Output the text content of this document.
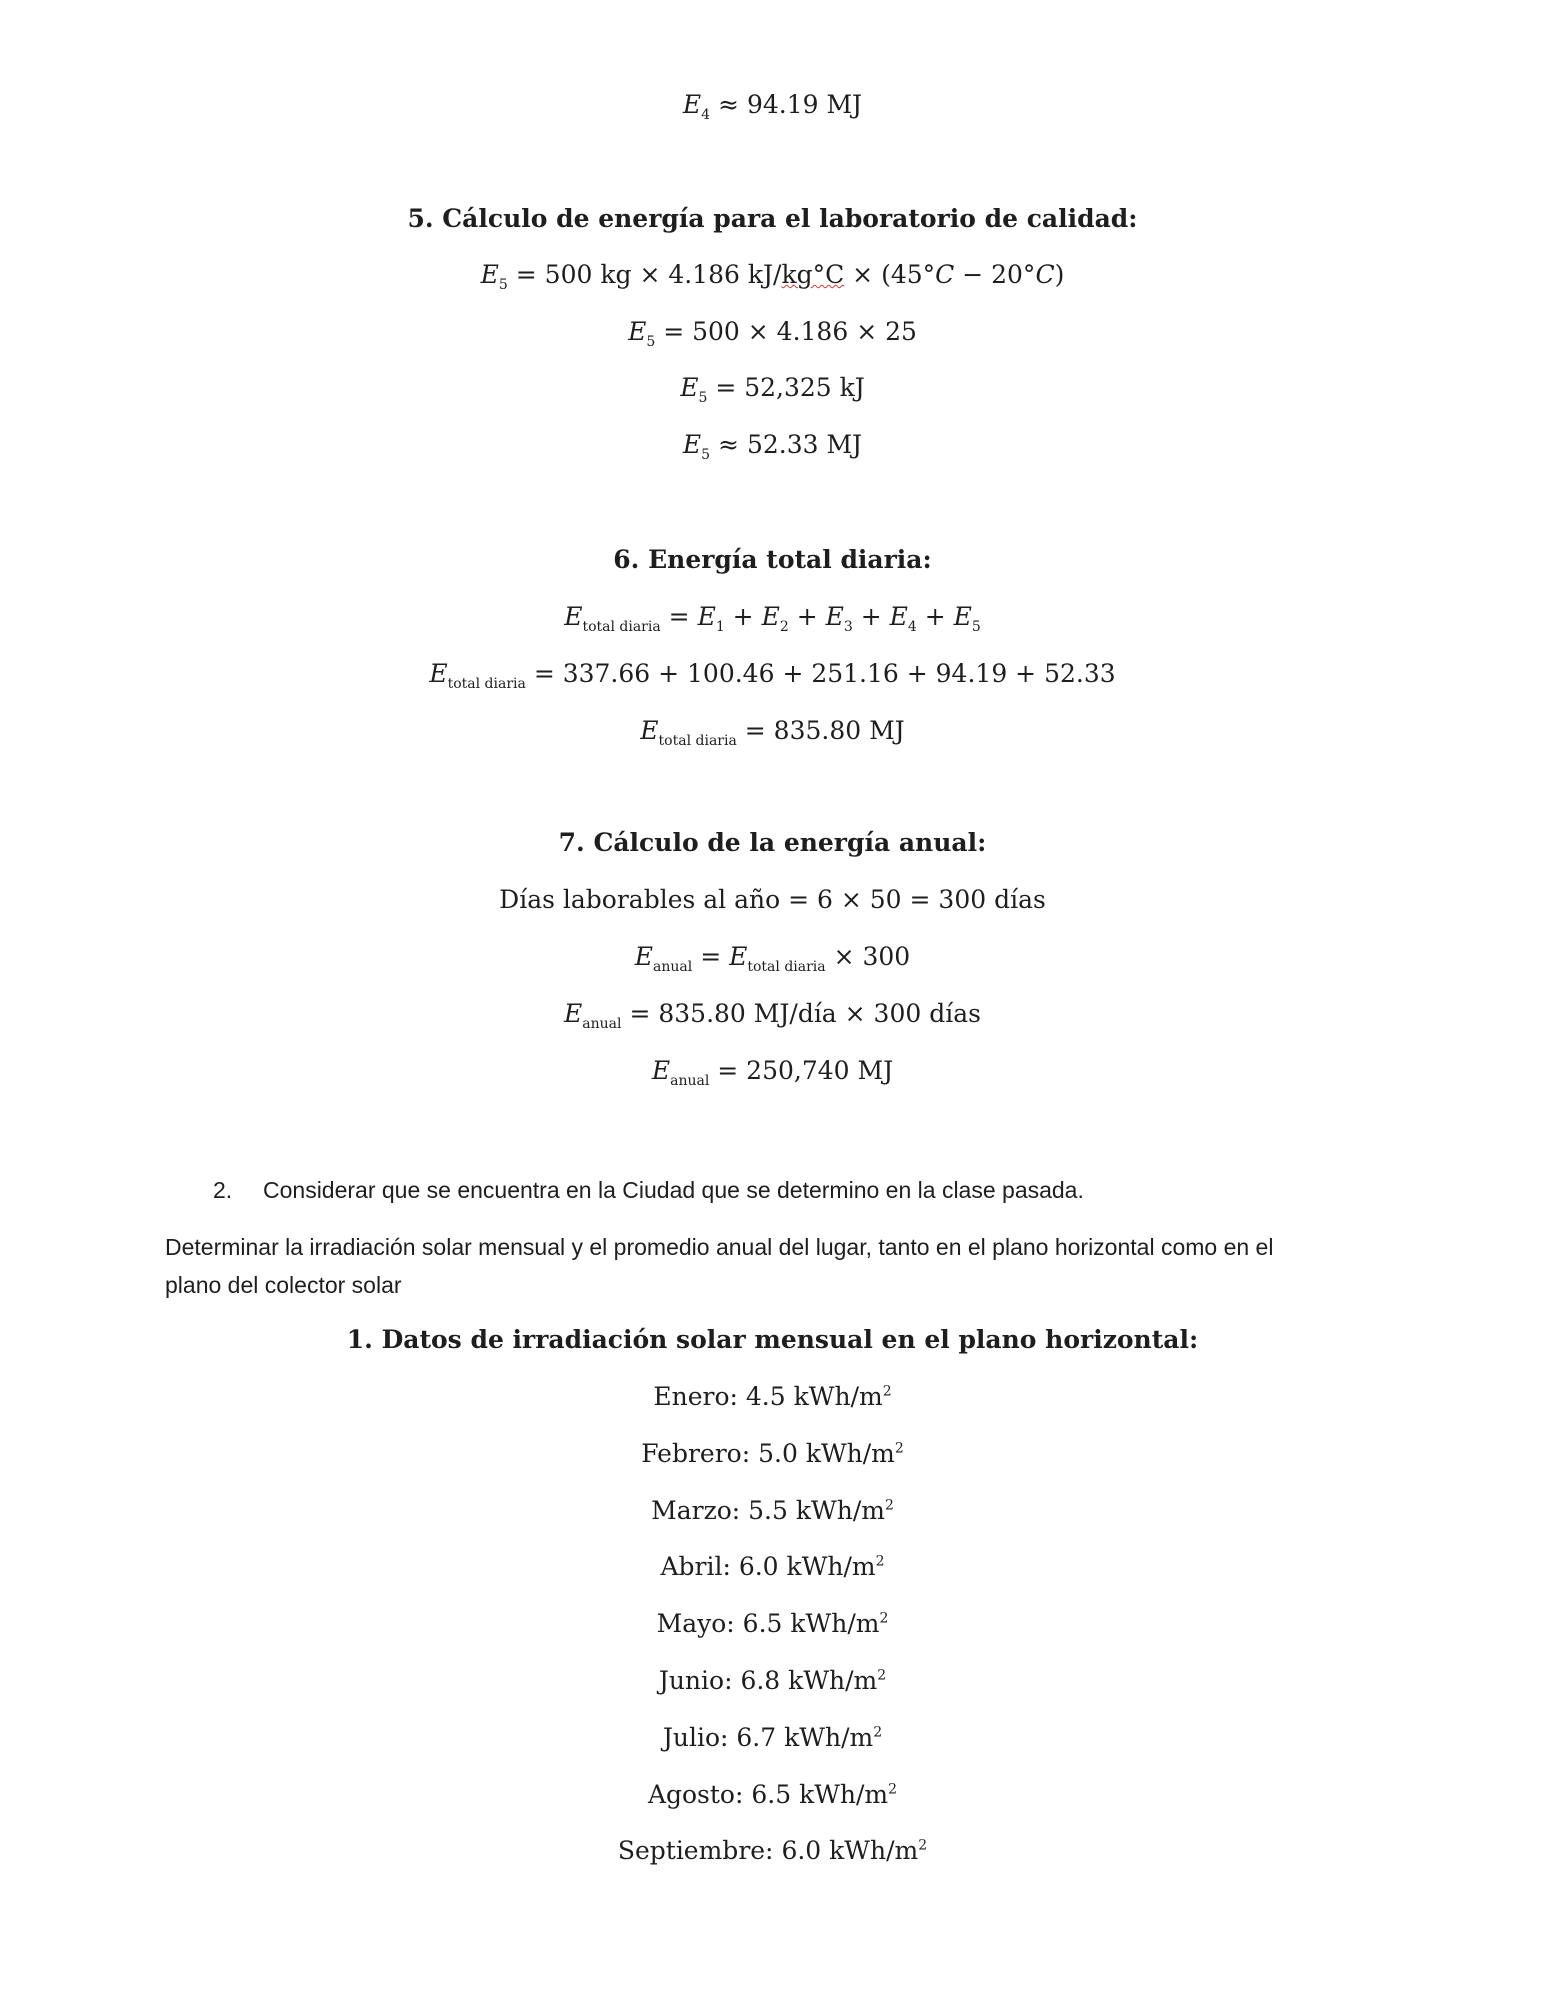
$E_4 \approx 94.19$ MJ
5. Cálculo de energía para el laboratorio de calidad:
$E_5 = 500$ kg × 4.186 kJ/kg°C × (45°C − 20°C)
$E_5 = 500 \times 4.186 \times 25$
$E_5 = 52,325$ kJ
$E_5 \approx 52.33$ MJ
6. Energía total diaria:
$E_{total diaria} = E_1 + E_2 + E_3 + E_4 + E_5$
$E_{total diaria} = 337.66 + 100.46 + 251.16 + 94.19 + 52.33$
$E_{total diaria} = 835.80$ MJ
7. Cálculo de la energía anual:
Días laborables al año = 6 × 50 = 300 días
$E_{anual} = E_{total diaria} \times 300$
$E_{anual} = 835.80$ MJ/día × 300 días
$E_{anual} = 250,740$ MJ
2. Considerar que se encuentra en la Ciudad que se determino en la clase pasada.
Determinar la irradiación solar mensual y el promedio anual del lugar, tanto en el plano horizontal como en el
plano del colector solar
1. Datos de irradiación solar mensual en el plano horizontal:
Enero: 4.5 kWh/$m^2$
Febrero: 5.0 kWh/$m^2$
Marzo: 5.5 kWh/$m^2$
Abril: 6.0 kWh/$m^2$
Mayo: 6.5 kWh/$m^2$
Junio: 6.8 kWh/$m^2$
Julio: 6.7 kWh/$m^2$
Agosto: 6.5 kWh/$m^2$
Septiembre: 6.0 kWh/$m^2$
